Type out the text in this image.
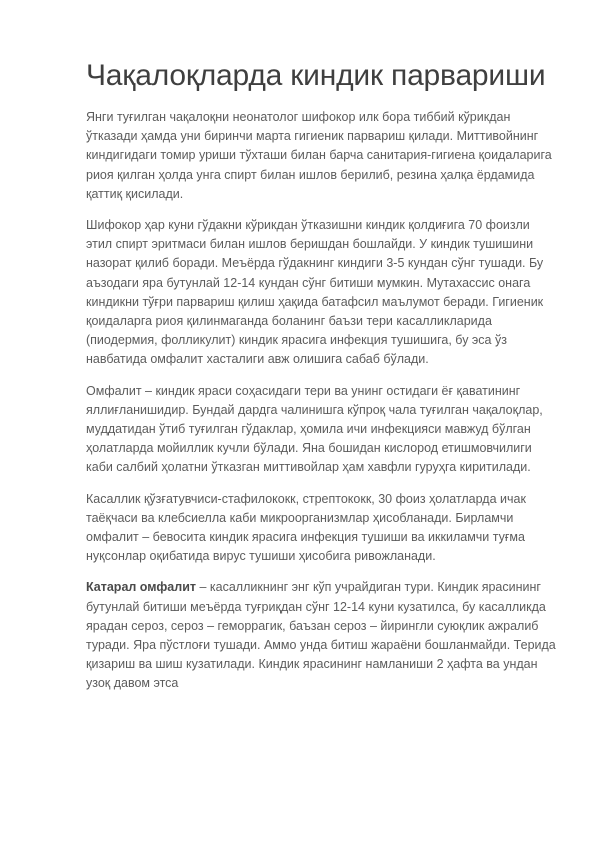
Чақалоқларда киндик парвариши

Янги туғилган чақалоқни неонатолог шифокор илк бора тиббий кўрикдан ўтказади ҳамда уни биринчи марта гигиеник парвариш қилади. Миттивойнинг киндигидаги томир уриши тўхташи билан барча санитария-гигиена қоидаларига риоя қилган ҳолда унга спирт билан ишлов берилиб, резина ҳалқа ёрдамида қаттиқ қисилади.

Шифокор ҳар куни гўдакни кўрикдан ўтказишни киндик қолдиғига 70 фоизли этил спирт эритмаси билан ишлов беришдан бошлайди. У киндик тушишини назорат қилиб боради. Меъёрда гўдакнинг киндиги 3-5 кундан сўнг тушади. Бу аъзодаги яра бутунлай 12-14 кундан сўнг битиши мумкин. Мутахассис онага киндикни тўғри парвариш қилиш ҳақида батафсил маълумот беради. Гигиеник қоидаларга риоя қилинмаганда боланинг баъзи тери касалликларида (пиодермия, фолликулит) киндик ярасига инфекция тушишига, бу эса ўз навбатида омфалит хасталиги авж олишига сабаб бўлади.

Омфалит – киндик яраси соҳасидаги тери ва унинг остидаги ёғ қаватининг яллиғланишидир. Бундай дардга чалинишга кўпроқ чала туғилган чақалоқлар, муддатидан ўтиб туғилган гўдаклар, ҳомила ичи инфекцияси мавжуд бўлган ҳолатларда мойиллик кучли бўлади. Яна бошидан кислород етишмовчилиги каби салбий ҳолатни ўтказган миттивойлар ҳам хавфли гуруҳга киритилади.

Касаллик қўзғатувчиси-стафилококк, стрептококк, 30 фоиз ҳолатларда ичак таёқчаси ва клебсиелла каби микроорганизмлар ҳисобланади. Бирламчи омфалит – бевосита киндик ярасига инфекция тушиши ва иккиламчи туғма нуқсонлар оқибатида вирус тушиши ҳисобига ривожланади.

Катарал омфалит – касалликнинг энг кўп учрайдиган тури. Киндик ярасининг бутунлай битиши меъёрда туғриқдан сўнг 12-14 куни кузатилса, бу касалликда ярадан сероз, сероз – геморрагик, баъзан сероз – йирингли суюқлик ажралиб туради. Яра пўстлоғи тушади. Аммо унда битиш жараёни бошланмайди. Терида қизариш ва шиш кузатилади. Киндик ярасининг намланиши 2 ҳафта ва ундан узоқ давом этса
